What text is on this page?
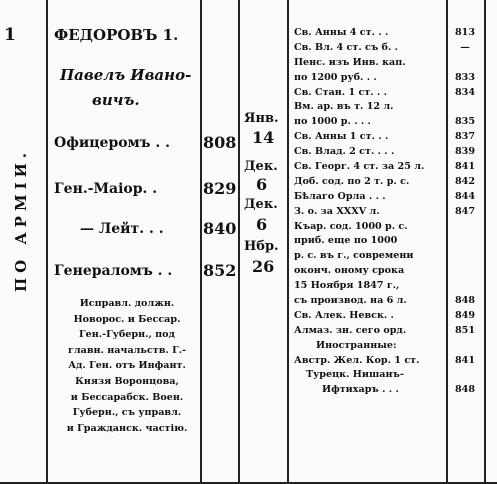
1
ПО АРМІИ.
ФЕДОРОВЪ 1.
Павелъ Ивано-
вичъ.
Офицеромъ . . 808
Янв.
14
Ген.-Маіор. .	829
Дек.
6
— Лейт. . . 840
Дек.
6
Генераломъ . . 852
Нбр.
26
Исправл. должн.
Новорос. и Бессар.
Ген.-Губерн., под
главн. начальств. Г.-
Ад. Ген. отъ Инфант.
Князя Воронцова,
и Бессарабск. Воен.
Губерн., съ управл.
и Гражданск. частію.
Св. Анны 4 ст. . .
Св. Вл. 4 ст. съ б. .
Пенс. изъ Инв. кап.
по 1200 руб. . .
Св. Стан. 1 ст. . .
Вм. ар. въ т. 12 л.
по 1000 р. . . .
Св. Анны 1 ст. . .
Св. Влад. 2 ст. . . .
Св. Георг. 4 ст. за 25 л.
Доб. сод. по 2 т. р. с.
Бѣлаго Орла . . .
З. о. за XXXV л.
Къар. сод. 1000 р. с.
приб. еще по 1000
р. с. въ г., современи
оконч. оному срока
15 Ноября 1847 г.,
съ производ. на 6 л.
Св. Алек. Невск. .
Алмаз. зн. сего орд.
Иностранные:
Австр. Жел. Кор. 1 ст.
Турецк. Нишанъ-
Ифтихаръ . . .
813
—
833
834
835
837
839
841
842
844
847
848
849
851
841
848
